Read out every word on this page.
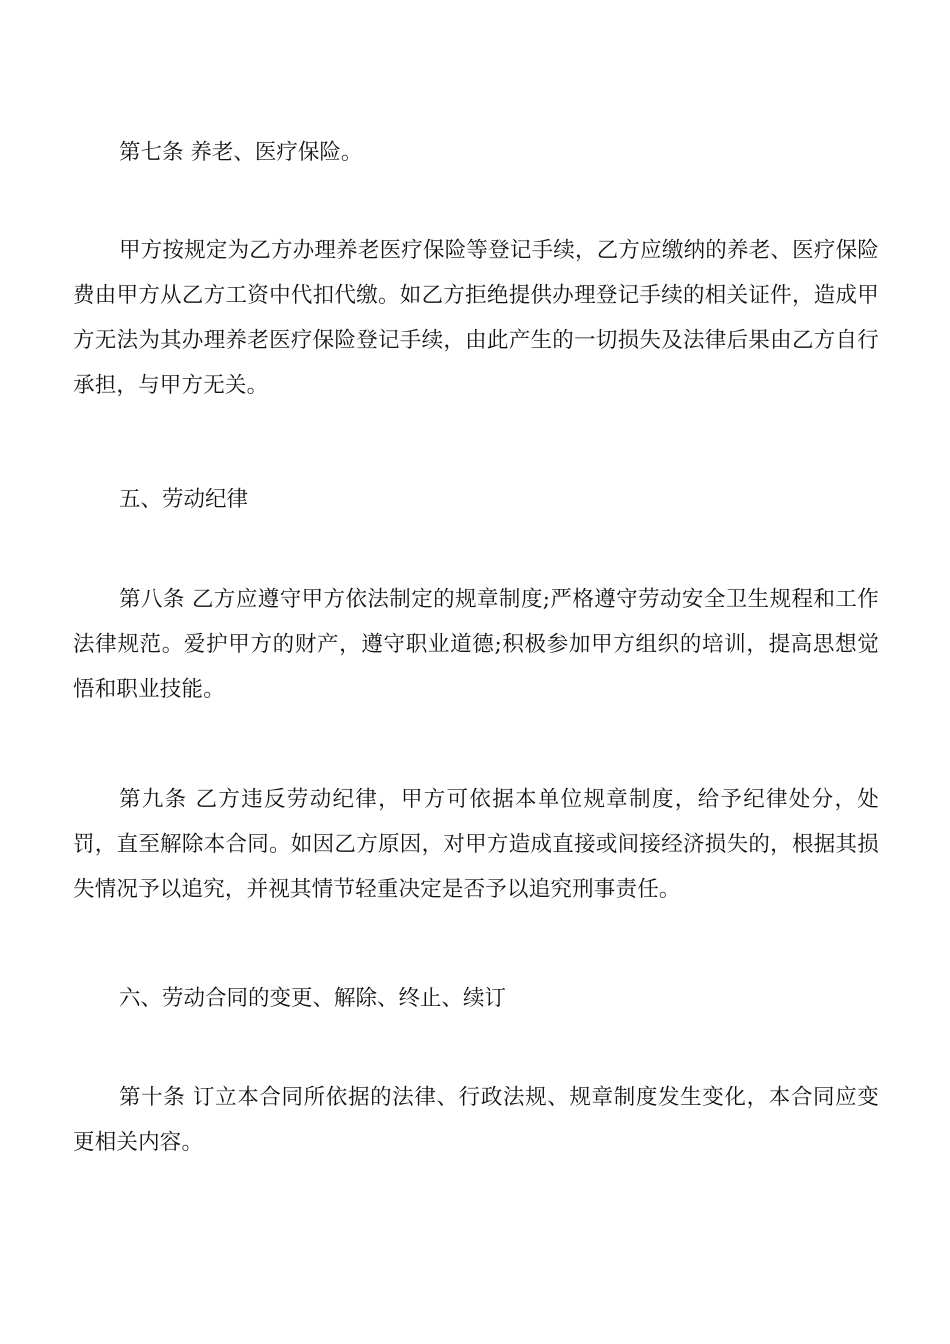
第七条 养老、医疗保险。

甲方按规定为乙方办理养老医疗保险等登记手续，乙方应缴纳的养老、医疗保险费由甲方从乙方工资中代扣代缴。如乙方拒绝提供办理登记手续的相关证件，造成甲方无法为其办理养老医疗保险登记手续，由此产生的一切损失及法律后果由乙方自行承担，与甲方无关。

五、劳动纪律

第八条 乙方应遵守甲方依法制定的规章制度;严格遵守劳动安全卫生规程和工作法律规范。爱护甲方的财产，遵守职业道德;积极参加甲方组织的培训，提高思想觉悟和职业技能。

第九条 乙方违反劳动纪律，甲方可依据本单位规章制度，给予纪律处分，处罚，直至解除本合同。如因乙方原因，对甲方造成直接或间接经济损失的，根据其损失情况予以追究，并视其情节轻重决定是否予以追究刑事责任。

六、劳动合同的变更、解除、终止、续订

第十条 订立本合同所依据的法律、行政法规、规章制度发生变化，本合同应变更相关内容。
